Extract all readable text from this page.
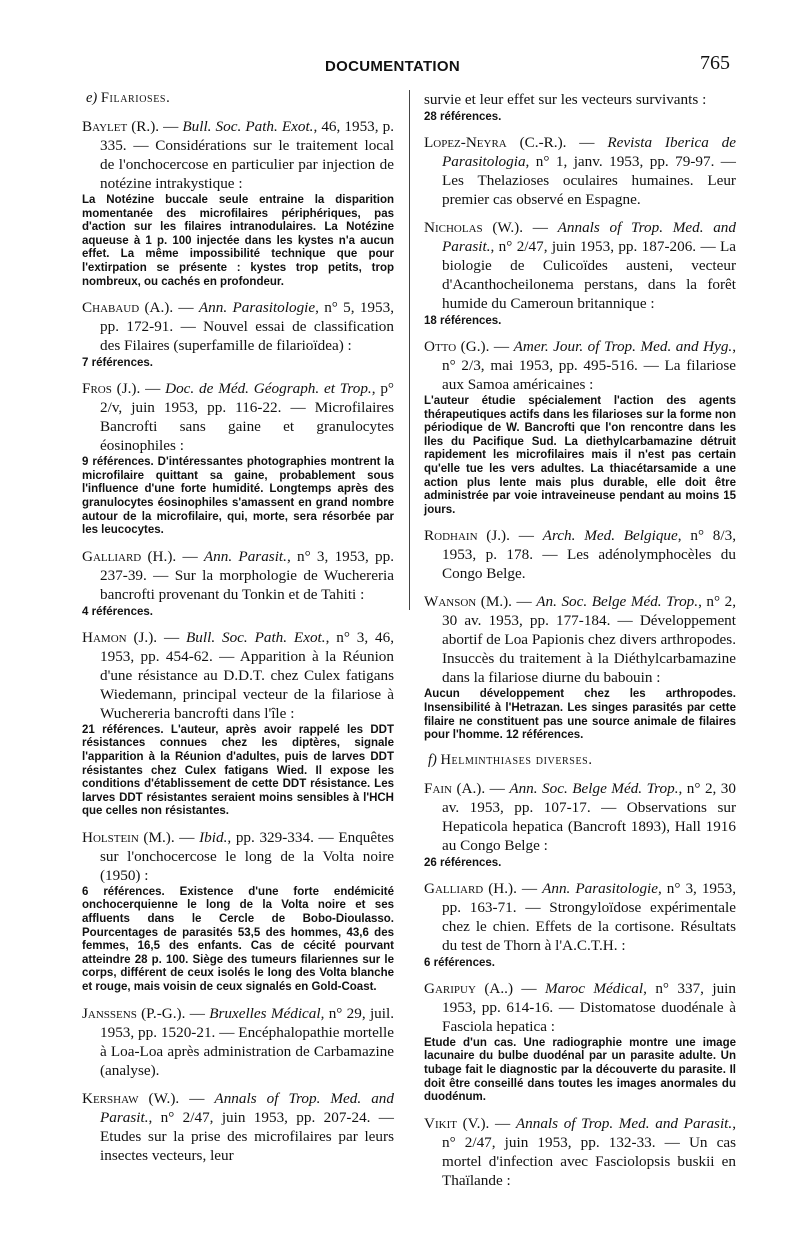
DOCUMENTATION	765
e) Filarioses.

Baylet (R.). — Bull. Soc. Path. Exot., 46, 1953, p. 335. — Considérations sur le traitement local de l'onchocercose en particulier par injection de notézine intrakystique :

La Notézine buccale seule entraine la disparition momentanée des microfilaires périphériques, pas d'action sur les filaires intranodulaires. La Notézine aqueuse à 1 p. 100 injectée dans les kystes n'a aucun effet. La même impossibilité technique que pour l'extirpation se présente : kystes trop petits, trop nombreux, ou cachés en profondeur.

Chabaud (A.). — Ann. Parasitologie, n° 5, 1953, pp. 172-91. — Nouvel essai de classification des Filaires (superfamille de filarioïdea) :

7 références.

Fros (J.). — Doc. de Méd. Géograph. et Trop., p° 2/v, juin 1953, pp. 116-22. — Microfilaires Bancrofti sans gaine et granulocytes éosinophiles :

9 références. D'intéressantes photographies montrent la microfilaire quittant sa gaine, probablement sous l'influence d'une forte humidité. Longtemps après des granulocytes éosinophiles s'amassent en grand nombre autour de la microfilaire, qui, morte, sera résorbée par les leucocytes.

Galliard (H.). — Ann. Parasit., n° 3, 1953, pp. 237-39. — Sur la morphologie de Wuchereria bancrofti provenant du Tonkin et de Tahiti :

4 références.

Hamon (J.). — Bull. Soc. Path. Exot., n° 3, 46, 1953, pp. 454-62. — Apparition à la Réunion d'une résistance au D.D.T. chez Culex fatigans Wiedemann, principal vecteur de la filariose à Wuchereria bancrofti dans l'île :

21 références. L'auteur, après avoir rappelé les DDT résistances connues chez les diptères, signale l'apparition à la Réunion d'adultes, puis de larves DDT résistantes chez Culex fatigans Wied. Il expose les conditions d'établissement de cette DDT résistance. Les larves DDT résistantes seraient moins sensibles à l'HCH que celles non résistantes.

Holstein (M.). — Ibid., pp. 329-334. — Enquêtes sur l'onchocercose le long de la Volta noire (1950) :

6 références. Existence d'une forte endémicité onchocerquienne le long de la Volta noire et ses affluents dans le Cercle de Bobo-Dioulasso. Pourcentages de parasités 53,5 des hommes, 43,6 des femmes, 16,5 des enfants. Cas de cécité pourvant atteindre 28 p. 100. Siège des tumeurs filariennes sur le corps, différent de ceux isolés le long des Volta blanche et rouge, mais voisin de ceux signalés en Gold-Coast.

Janssens (P.-G.). — Bruxelles Médical, n° 29, juil. 1953, pp. 1520-21. — Encéphalopathie mortelle à Loa-Loa après administration de Carbamazine (analyse).

Kershaw (W.). — Annals of Trop. Med. and Parasit., n° 2/47, juin 1953, pp. 207-24. — Etudes sur la prise des microfilaires par leurs insectes vecteurs, leur

survie et leur effet sur les vecteurs survivants :

28 références.

Lopez-Neyra (C.-R.). — Revista Iberica de Parasitologia, n° 1, janv. 1953, pp. 79-97. — Les Thelazioses oculaires humaines. Leur premier cas observé en Espagne.

Nicholas (W.). — Annals of Trop. Med. and Parasit., n° 2/47, juin 1953, pp. 187-206. — La biologie de Culicoïdes austeni, vecteur d'Acanthocheilonema perstans, dans la forêt humide du Cameroun britannique :

18 références.

Otto (G.). — Amer. Jour. of Trop. Med. and Hyg., n° 2/3, mai 1953, pp. 495-516. — La filariose aux Samoa américaines :

L'auteur étudie spécialement l'action des agents thérapeutiques actifs dans les filarioses sur la forme non périodique de W. Bancrofti que l'on rencontre dans les Iles du Pacifique Sud. La diethylcarbamazine détruit rapidement les microfilaires mais il n'est pas certain qu'elle tue les vers adultes. La thiacétarsamide a une action plus lente mais plus durable, elle doit être administrée par voie intraveineuse pendant au moins 15 jours.

Rodhain (J.). — Arch. Med. Belgique, n° 8/3, 1953, p. 178. — Les adénolymphocèles du Congo Belge.

Wanson (M.). — An. Soc. Belge Méd. Trop., n° 2, 30 av. 1953, pp. 177-184. — Développement abortif de Loa Papionis chez divers arthropodes. Insuccès du traitement à la Diéthylcarbamazine dans la filariose diurne du babouin :

Aucun développement chez les arthropodes. Insensibilité à l'Hetrazan. Les singes parasités par cette filaire ne constituent pas une source animale de filaires pour l'homme. 12 références.
f) Helminthiases diverses.

Fain (A.). — Ann. Soc. Belge Méd. Trop., n° 2, 30 av. 1953, pp. 107-17. — Observations sur Hepaticola hepatica (Bancroft 1893), Hall 1916 au Congo Belge :

26 références.

Galliard (H.). — Ann. Parasitologie, n° 3, 1953, pp. 163-71. — Strongyloïdose expérimentale chez le chien. Effets de la cortisone. Résultats du test de Thorn à l'A.C.T.H. :

6 références.

Garipuy (A..) — Maroc Médical, n° 337, juin 1953, pp. 614-16. — Distomatose duodénale à Fasciola hepatica :

Etude d'un cas. Une radiographie montre une image lacunaire du bulbe duodénal par un parasite adulte. Un tubage fait le diagnostic par la découverte du parasite. Il doit être conseillé dans toutes les images anormales du duodénum.

Vikit (V.). — Annals of Trop. Med. and Parasit., n° 2/47, juin 1953, pp. 132-33. — Un cas mortel d'infection avec Fasciolopsis buskii en Thaïlande :
